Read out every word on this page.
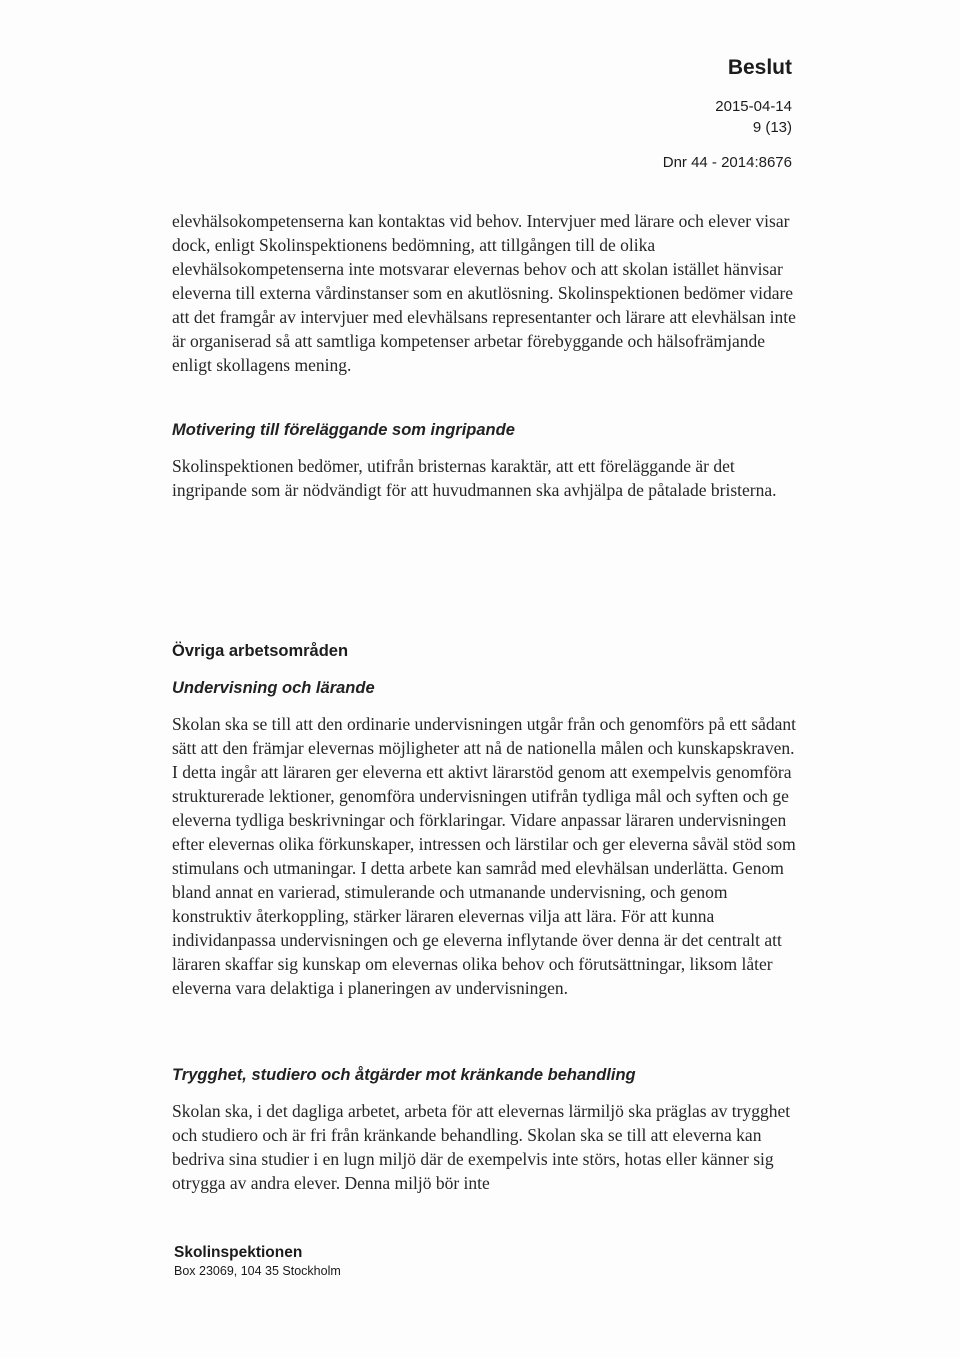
Beslut
2015-04-14
9 (13)
Dnr 44 - 2014:8676

elevhälsokompetenserna kan kontaktas vid behov. Intervjuer med lärare och elever visar dock, enligt Skolinspektionens bedömning, att tillgången till de olika elevhälsokompetenserna inte motsvarar elevernas behov och att skolan istället hänvisar eleverna till externa vårdinstanser som en akutlösning. Skolinspektionen bedömer vidare att det framgår av intervjuer med elevhälsans representanter och lärare att elevhälsan inte är organiserad så att samtliga kompetenser arbetar förebyggande och hälsofrämjande enligt skollagens mening.

Motivering till föreläggande som ingripande

Skolinspektionen bedömer, utifrån bristernas karaktär, att ett föreläggande är det ingripande som är nödvändigt för att huvudmannen ska avhjälpa de påtalade bristerna.

Övriga arbetsområden
Undervisning och lärande

Skolan ska se till att den ordinarie undervisningen utgår från och genomförs på ett sådant sätt att den främjar elevernas möjligheter att nå de nationella målen och kunskapskraven. I detta ingår att läraren ger eleverna ett aktivt lärarstöd genom att exempelvis genomföra strukturerade lektioner, genomföra undervisningen utifrån tydliga mål och syften och ge eleverna tydliga beskrivningar och förklaringar. Vidare anpassar läraren undervisningen efter elevernas olika förkunskaper, intressen och lärstilar och ger eleverna såväl stöd som stimulans och utmaningar. I detta arbete kan samråd med elevhälsan underlätta. Genom bland annat en varierad, stimulerande och utmanande undervisning, och genom konstruktiv återkoppling, stärker läraren elevernas vilja att lära. För att kunna individanpassa undervisningen och ge eleverna inflytande över denna är det centralt att läraren skaffar sig kunskap om elevernas olika behov och förutsättningar, liksom låter eleverna vara delaktiga i planeringen av undervisningen.

Trygghet, studiero och åtgärder mot kränkande behandling

Skolan ska, i det dagliga arbetet, arbeta för att elevernas lärmiljö ska präglas av trygghet och studiero och är fri från kränkande behandling. Skolan ska se till att eleverna kan bedriva sina studier i en lugn miljö där de exempelvis inte störs, hotas eller känner sig otrygga av andra elever. Denna miljö bör inte

Skolinspektionen
Box 23069, 104 35 Stockholm
